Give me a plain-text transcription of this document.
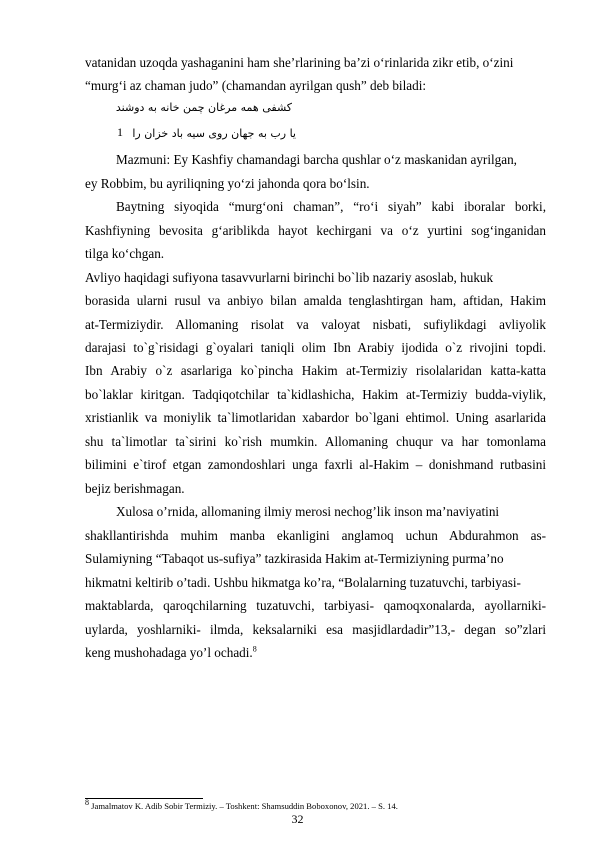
vatanidan uzoqda yashaganini ham she’rlarining ba’zi o‘rinlarida zikr etib, o‘zini
“murg‘i az chaman judo” (chamandan ayrilgan qush” deb biladi:
کشفی همه مرغان چمن خانه به دوشند
1 یا رب به جهان روی سیه باد خزان را
Mazmuni: Ey Kashfiy chamandagi barcha qushlar o‘z maskanidan ayrilgan,
ey Robbim, bu ayriliqning yo‘zi jahonda qora bo‘lsin.
Baytning siyoqida “murg‘oni chaman”, “ro‘i siyah” kabi iboralar borki,
Kashfiyning bevosita g‘ariblikda hayot kechirgani va o‘z yurtini sog‘inganidan
tilga ko‘chgan.
Avliyo haqidagi sufiyona tasavvurlarni birinchi bo`lib nazariy asoslab, hukuk
borasida ularni rusul va anbiyo bilan amalda tenglashtirgan ham, aftidan, Hakim
at-Termiziydir. Allomaning risolat va valoyat nisbati, sufiylikdagi avliyolik
darajasi to`g`risidagi g`oyalari taniqli olim Ibn Arabiy ijodida o`z rivojini topdi.
Ibn Arabiy o`z asarlariga ko`pincha Hakim at-Termiziy risolalaridan katta-katta
bo`laklar kiritgan. Tadqiqotchilar ta`kidlashicha, Hakim at-Termiziy budda-viylik,
xristianlik va moniylik ta`limotlaridan xabardor bo`lgani ehtimol. Uning asarlarida
shu ta`limotlar ta`sirini ko`rish mumkin. Allomaning chuqur va har tomonlama
bilimini e`tirof etgan zamondoshlari unga faxrli al-Hakim – donishmand rutbasini
bejiz berishmagan.
Xulosa o’rnida, allomaning ilmiy merosi nechog’lik inson ma’naviyatini
shakllantirishda muhim manba ekanligini anglamoq uchun Abdurahmon as-
Sulamiyning “Tabaqot us-sufiya” tazkirasida Hakim at-Termiziyning purma’no
hikmatni keltirib o’tadi. Ushbu hikmatga ko’ra, “Bolalarning tuzatuvchi, tarbiyasi-
maktablarda, qaroqchilarning tuzatuvchi, tarbiyasi- qamoqxonalarda, ayollarniki-
uylarda, yoshlarniki- ilmda, keksalarniki esa masjidlardadir”13,- degan so”zlari
keng mushohadaga yo’l ochadi.$^8$
$^8$ Jamalmatov K. Adib Sobir Termiziy. – Toshkent: Shamsuddin Boboxonov, 2021. – S. 14.
32
